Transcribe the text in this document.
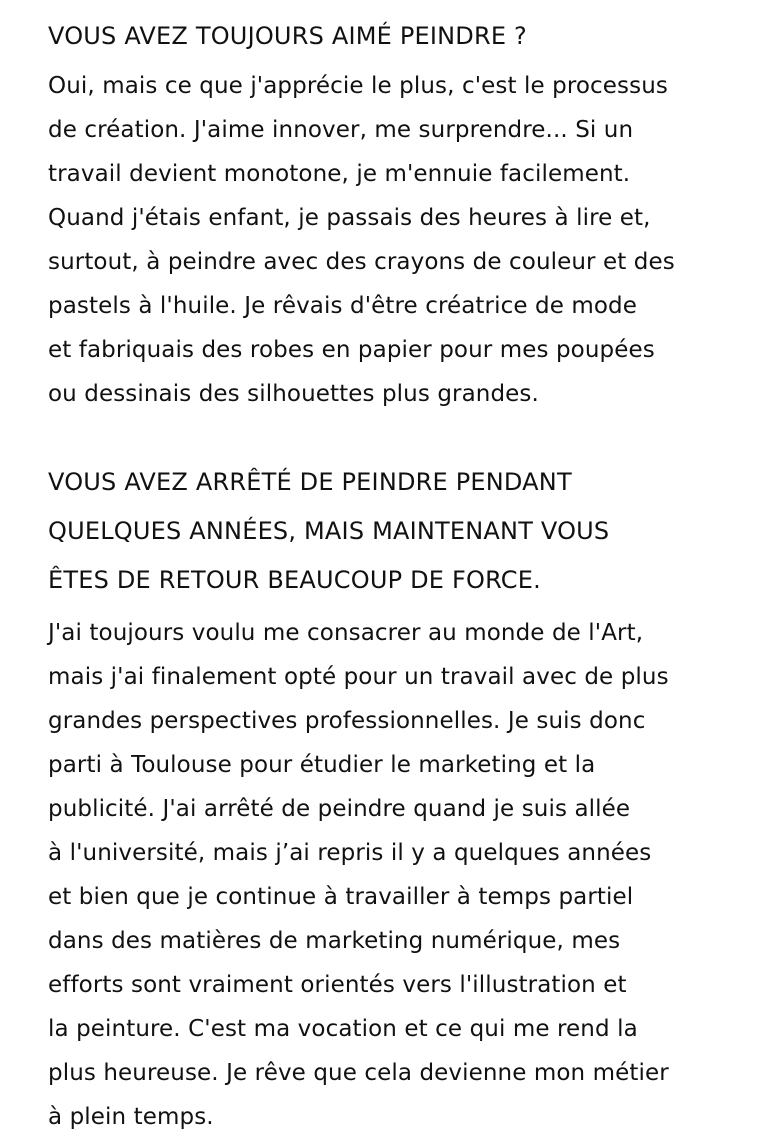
VOUS AVEZ TOUJOURS AIMÉ PEINDRE ?

Oui, mais ce que j'apprécie le plus, c'est le processus
de création. J'aime innover, me surprendre... Si un
travail devient monotone, je m'ennuie facilement.
Quand j'étais enfant, je passais des heures à lire et,
surtout, à peindre avec des crayons de couleur et des
pastels à l'huile. Je rêvais d'être créatrice de mode
et fabriquais des robes en papier pour mes poupées
ou dessinais des silhouettes plus grandes.

VOUS AVEZ ARRÊTÉ DE PEINDRE PENDANT
QUELQUES ANNÉES, MAIS MAINTENANT VOUS
ÊTES DE RETOUR BEAUCOUP DE FORCE.

J'ai toujours voulu me consacrer au monde de l'Art,
mais j'ai finalement opté pour un travail avec de plus
grandes perspectives professionnelles. Je suis donc
parti à Toulouse pour étudier le marketing et la
publicité. J'ai arrêté de peindre quand je suis allée
à l'université, mais j’ai repris il y a quelques années
et bien que je continue à travailler à temps partiel
dans des matières de marketing numérique, mes
efforts sont vraiment orientés vers l'illustration et
la peinture. C'est ma vocation et ce qui me rend la
plus heureuse. Je rêve que cela devienne mon métier
à plein temps.
